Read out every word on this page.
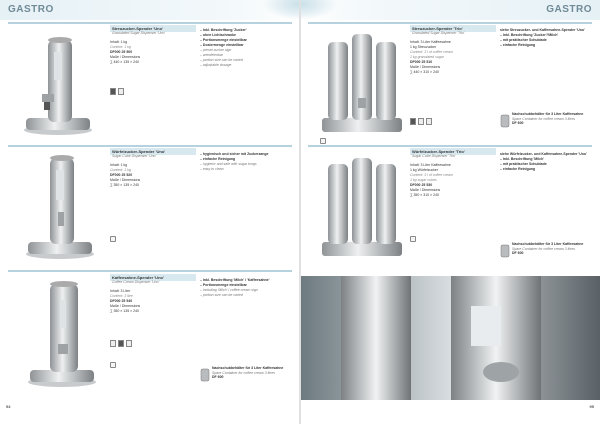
GASTRO	GASTRO
Streuzucker-Spender 'Uno'
Granulated Sugar Dispenser 'Uno'
Inhalt: 1 kg
Content: 1 kg
DF000 25 500
Maße / Dimensions
∑ 440 × 135 × 240
– Inkl. Beschriftung 'Zucker'
– ohne Lichtschranke
– Portionsmenge einstellbar
– Dosiermenge einstellbar
– preset zucker sign
– wendelenbar
– portion size can be varied
– adjustable dosage
Würfelzucker-Spender 'Uno'
Sugar Cube Dispenser 'Uno'
Inhalt: 1 kg
Content: 1 kg
DF000 25 520
Maße / Dimensions
∑ 350 × 135 × 240
– hygienisch und sicher mit Zuckerzange
– einfache Reinigung
– hygienic and safe with sugar tongs
– easy to clean
Kaffeesahne-Spender 'Uno'
Coffee Cream Dispenser 'Uno'
Inhalt: 3 Liter
Content: 3 litre
DF000 25 540
Maße / Dimensions
∑ 350 × 135 × 240
– Inkl. Beschriftung 'Milch' / 'Kaffeesahne'
– Portionsmenge einstellbar
– including 'Milch' / coffee cream sign
– portion size can be varied
Nachschubbehälter für 3 Liter Kaffeesahne
Spare Container for coffee cream 3 litres
DF 600
94
Streuzucker-Spender 'Trio'
Granulated Sugar Dispenser 'Trio'
Inhalt: 3 Liter Kaffeesahne
1 kg Streuzucker
Content: 3 l of coffee cream
1 kg granulated sugar
DF000 25 510
Maße / Dimensions
∑ 440 × 310 × 240
siehe Streuzucker- und Kaffeesahne-Spender 'Uno'
– Inkl. Beschriftung 'Zucker'/'Milch'
– mit praktischer Schublade
– einfache Reinigung
Nachschubbehälter für 3 Liter Kaffeesahne
Spare Container for coffee cream 3 litres
DF 600
Würfelzucker-Spender 'Trio'
Sugar Cube Dispenser 'Trio'
Inhalt: 3 Liter Kaffeesahne
1 kg Würfelzucker
Content: 3 l of coffee cream
1 kg sugar cubes
DF000 25 530
Maße / Dimensions
∑ 350 × 310 × 240
siehe Würfelzucker- und Kaffeesahne-Spender 'Uno'
– Inkl. Beschriftung 'Milch'
– mit praktischer Schublade
– einfache Reinigung
Nachschubbehälter für 3 Liter Kaffeesahne
Spare Container for coffee cream 3 litres
DF 600
95
